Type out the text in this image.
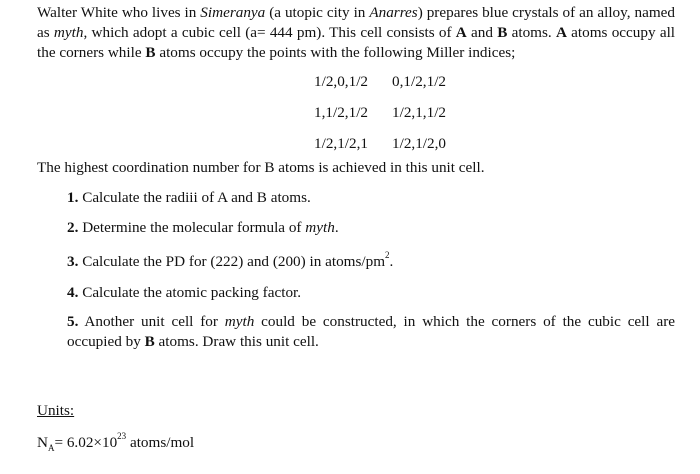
Walter White who lives in Simeranya (a utopic city in Anarres) prepares blue crystals of an alloy, named as myth, which adopt a cubic cell (a= 444 pm). This cell consists of A and B atoms. A atoms occupy all the corners while B atoms occupy the points with the following Miller indices;

1/2,0,1/2	0,1/2,1/2
1,1/2,1/2	1/2,1,1/2
1/2,1/2,1	1/2,1/2,0

The highest coordination number for B atoms is achieved in this unit cell.

1. Calculate the radiii of A and B atoms.

2. Determine the molecular formula of myth.

3. Calculate the PD for (222) and (200) in atoms/$pm^2$.

4. Calculate the atomic packing factor.

5. Another unit cell for myth could be constructed, in which the corners of the cubic cell are occupied by B atoms. Draw this unit cell.

Units:

$N_A= 6.02\times 10^{23}$ atoms/mol
